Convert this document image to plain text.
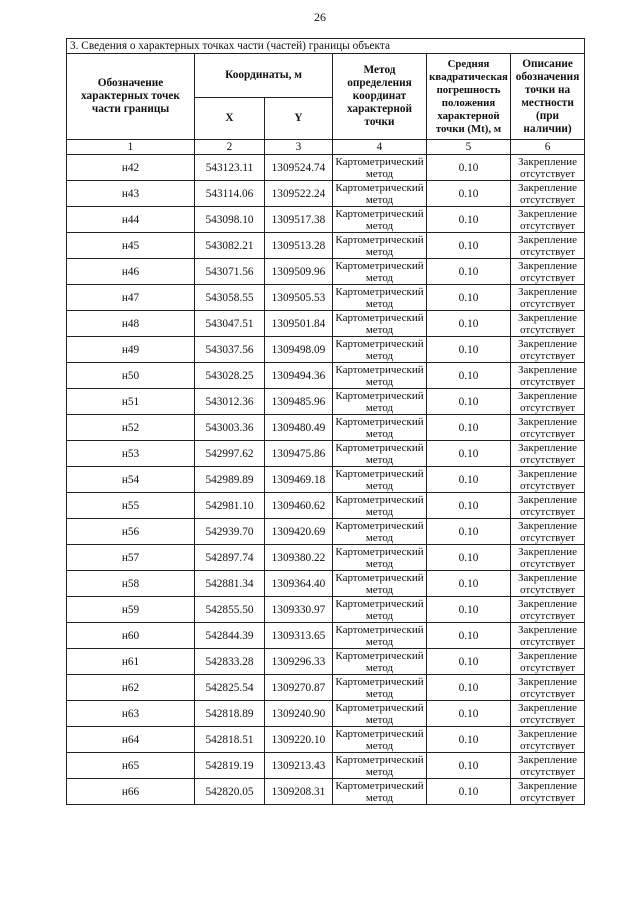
26
3. Сведения о характерных точках части (частей) границы объекта					
Обозначение характерных точек части границы	Координаты, м		Метод определения координат характерной точки	Средняя квадратическая погрешность положения характерной точки (Mt), м	Описание обозначения точки на местности (при наличии)
	X	Y			
1	2	3	4	5	6
н42	543123.11	1309524.74	Картометрический метод	0.10	Закрепление отсутствует
н43	543114.06	1309522.24	Картометрический метод	0.10	Закрепление отсутствует
н44	543098.10	1309517.38	Картометрический метод	0.10	Закрепление отсутствует
н45	543082.21	1309513.28	Картометрический метод	0.10	Закрепление отсутствует
н46	543071.56	1309509.96	Картометрический метод	0.10	Закрепление отсутствует
н47	543058.55	1309505.53	Картометрический метод	0.10	Закрепление отсутствует
н48	543047.51	1309501.84	Картометрический метод	0.10	Закрепление отсутствует
н49	543037.56	1309498.09	Картометрический метод	0.10	Закрепление отсутствует
н50	543028.25	1309494.36	Картометрический метод	0.10	Закрепление отсутствует
н51	543012.36	1309485.96	Картометрический метод	0.10	Закрепление отсутствует
н52	543003.36	1309480.49	Картометрический метод	0.10	Закрепление отсутствует
н53	542997.62	1309475.86	Картометрический метод	0.10	Закрепление отсутствует
н54	542989.89	1309469.18	Картометрический метод	0.10	Закрепление отсутствует
н55	542981.10	1309460.62	Картометрический метод	0.10	Закрепление отсутствует
н56	542939.70	1309420.69	Картометрический метод	0.10	Закрепление отсутствует
н57	542897.74	1309380.22	Картометрический метод	0.10	Закрепление отсутствует
н58	542881.34	1309364.40	Картометрический метод	0.10	Закрепление отсутствует
н59	542855.50	1309330.97	Картометрический метод	0.10	Закрепление отсутствует
н60	542844.39	1309313.65	Картометрический метод	0.10	Закрепление отсутствует
н61	542833.28	1309296.33	Картометрический метод	0.10	Закрепление отсутствует
н62	542825.54	1309270.87	Картометрический метод	0.10	Закрепление отсутствует
н63	542818.89	1309240.90	Картометрический метод	0.10	Закрепление отсутствует
н64	542818.51	1309220.10	Картометрический метод	0.10	Закрепление отсутствует
н65	542819.19	1309213.43	Картометрический метод	0.10	Закрепление отсутствует
н66	542820.05	1309208.31	Картометрический метод	0.10	Закрепление отсутствует
